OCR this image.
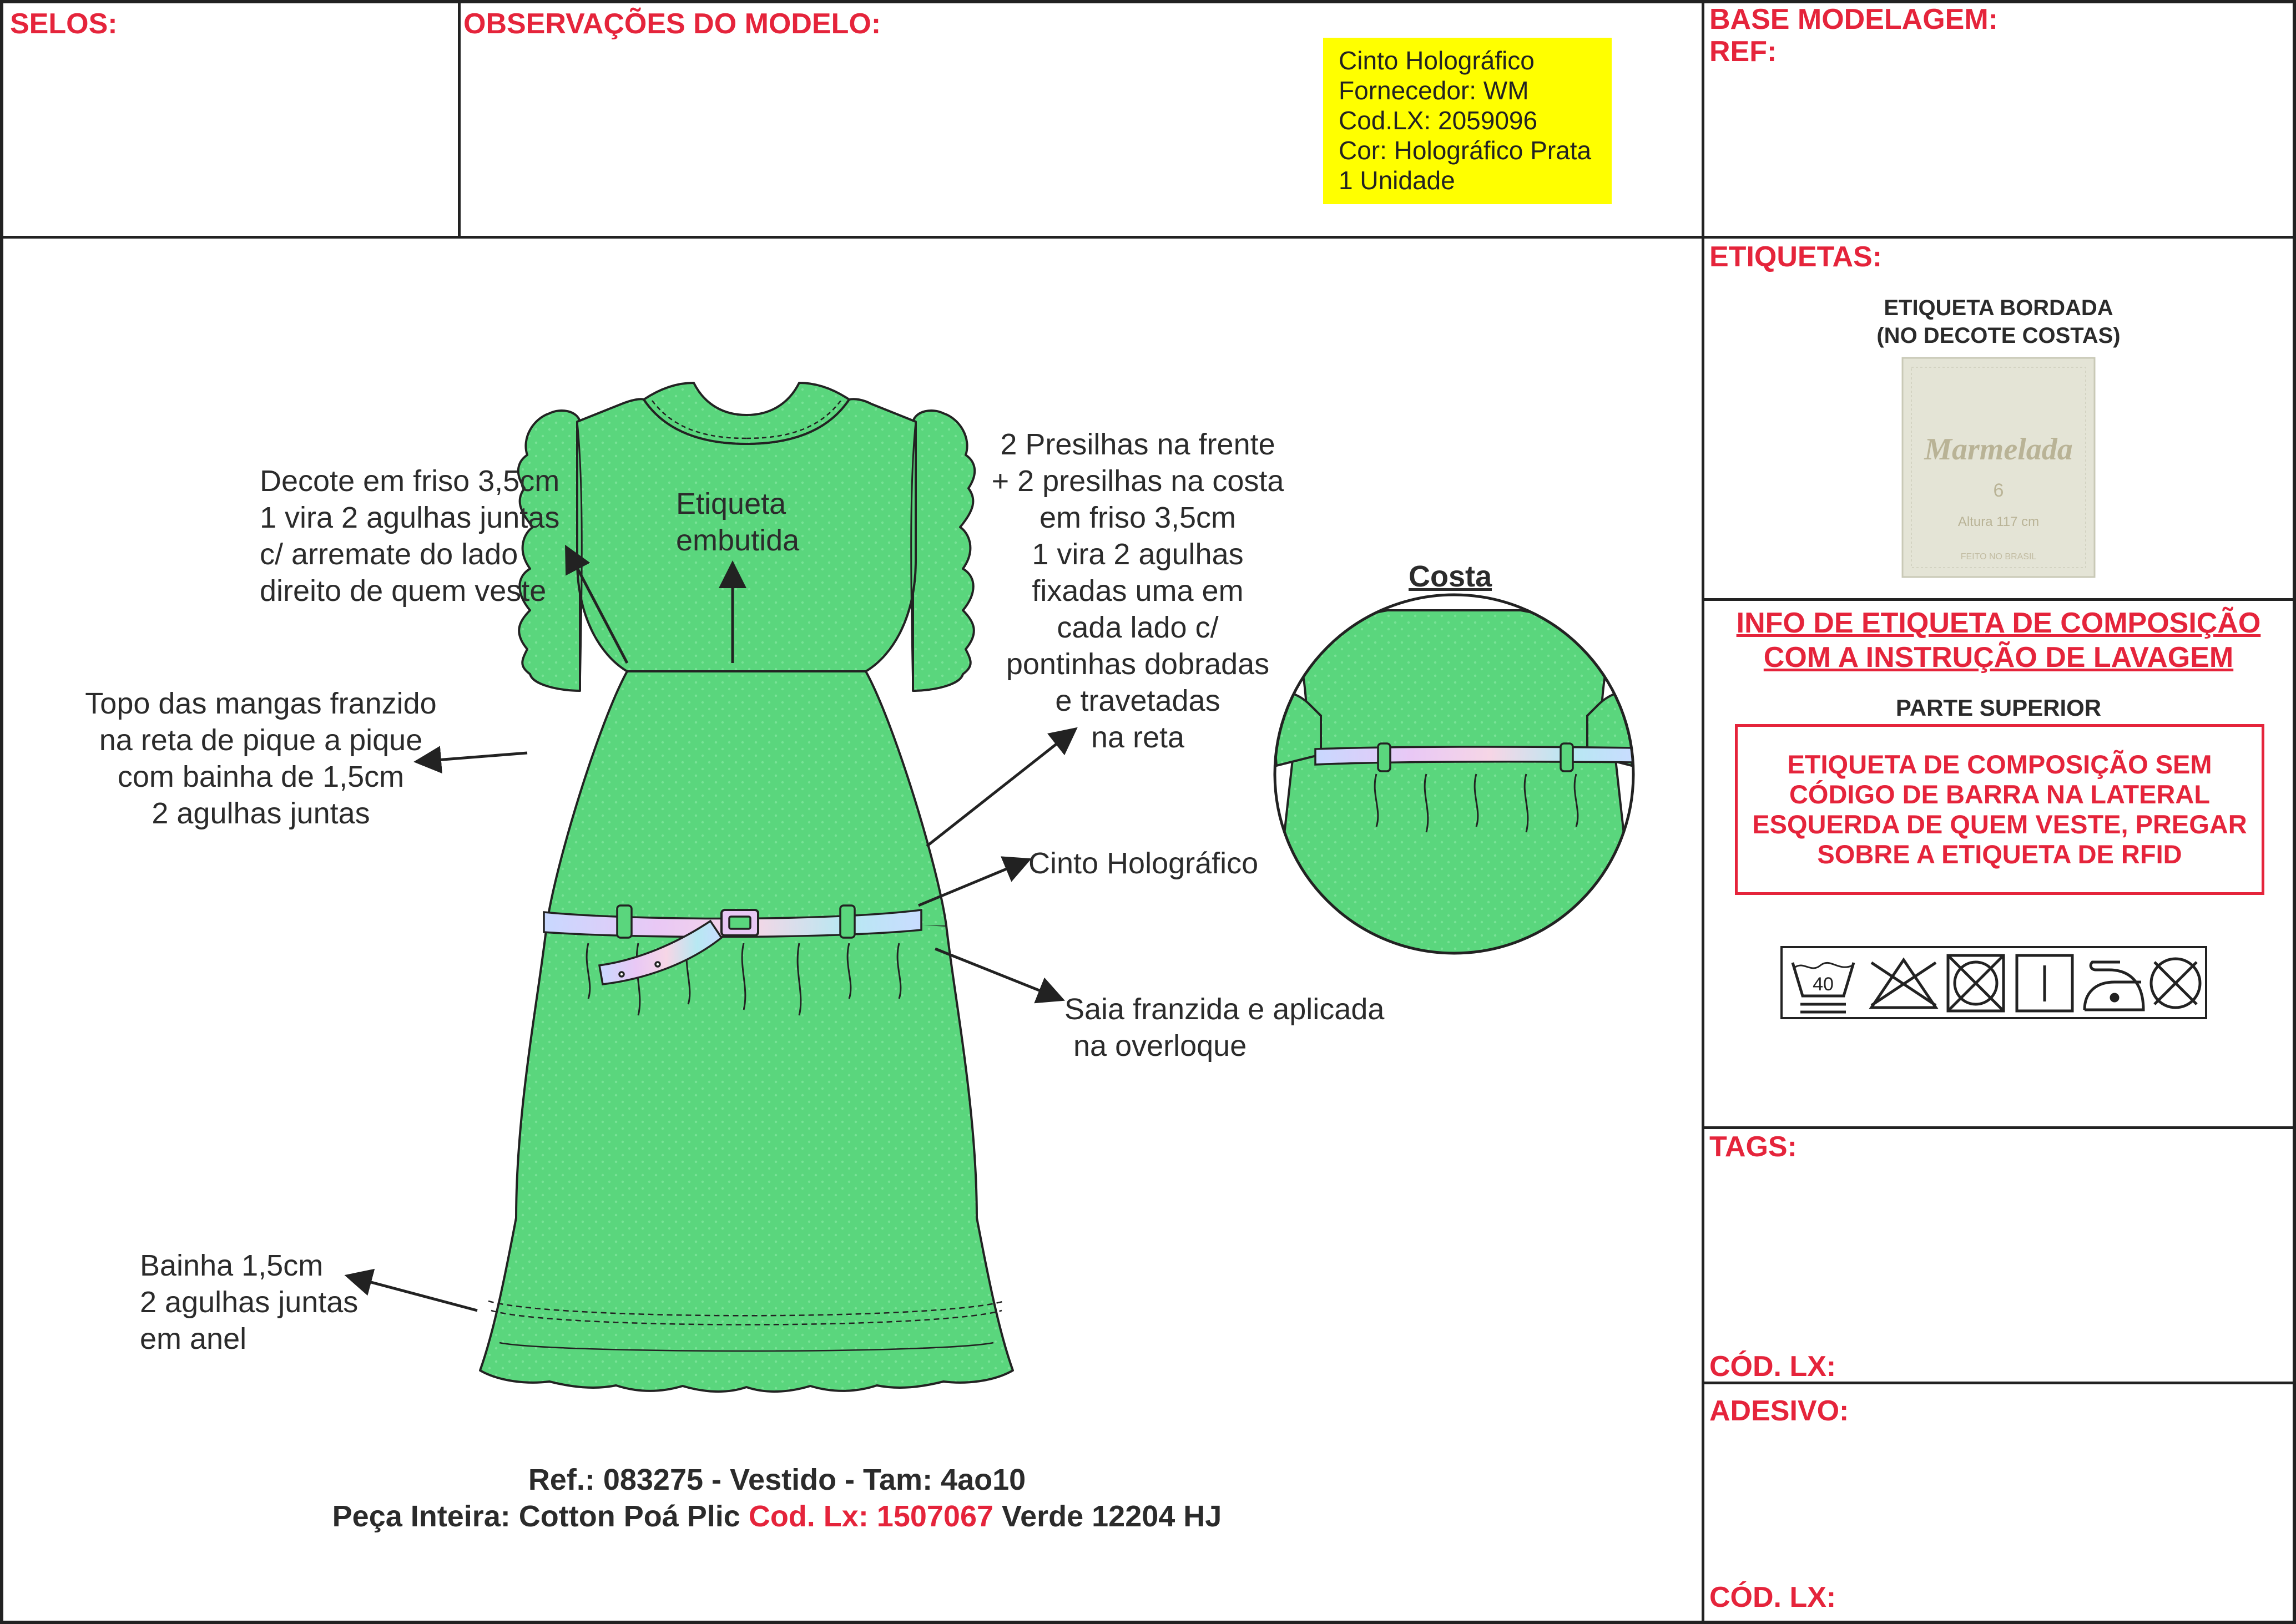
SELOS:	OBSERVAÇÕES DO MODELO:	BASE MODELAGEM:
REF:
Cinto Holográfico
Fornecedor: WM
Cod.LX: 2059096
Cor: Holográfico Prata
1 Unidade
Marmelada
6
Altura 117 cm
FEITO NO BRASIL
40
Decote em friso 3,5cm
1 vira 2 agulhas juntas
c/ arremate do lado
direito de quem veste
Etiqueta
embutida
2 Presilhas na frente
+ 2 presilhas na costa
em friso 3,5cm
1 vira 2 agulhas
fixadas uma em
cada lado c/
pontinhas dobradas
e travetadas
na reta
Topo das mangas franzido
na reta de pique a pique
com bainha de 1,5cm
2 agulhas juntas
Cinto Holográfico
Saia franzida e aplicada
na overloque
Bainha 1,5cm
2 agulhas juntas
em anel
Costa
Ref.: 083275 - Vestido - Tam: 4ao10
Peça Inteira: Cotton Poá Plic Cod. Lx: 1507067 Verde 12204 HJ
ETIQUETAS:
ETIQUETA BORDADA
(NO DECOTE COSTAS)
INFO DE ETIQUETA DE COMPOSIÇÃO
COM A INSTRUÇÃO DE LAVAGEM
PARTE SUPERIOR
ETIQUETA DE COMPOSIÇÃO SEM
CÓDIGO DE BARRA NA LATERAL
ESQUERDA DE QUEM VESTE, PREGAR
SOBRE A ETIQUETA DE RFID
TAGS:
CÓD. LX:
ADESIVO:
CÓD. LX:
